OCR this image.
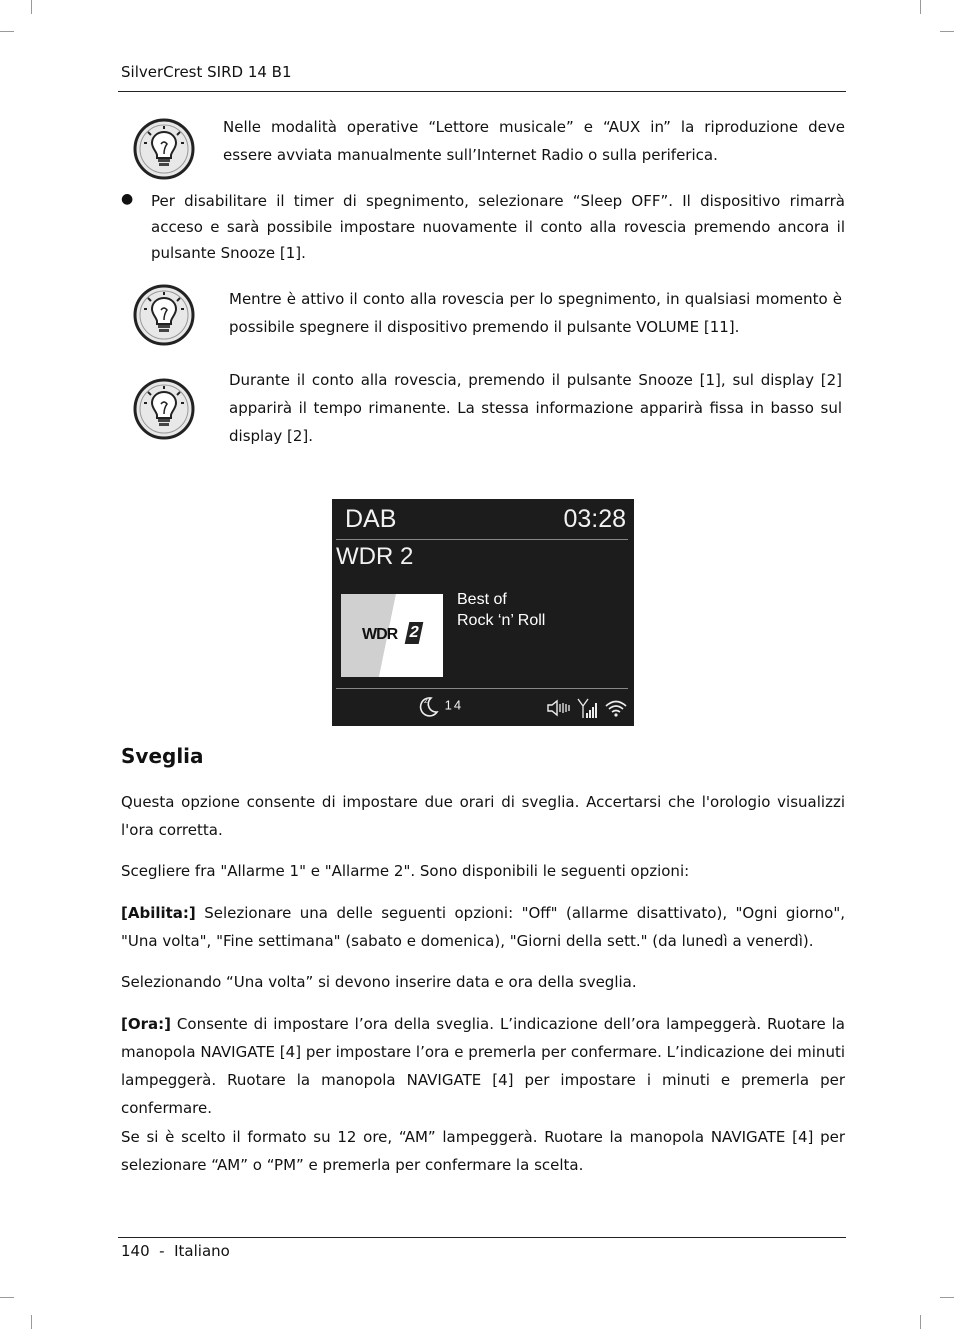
SilverCrest SIRD 14 B1
Nelle modalità operative “Lettore musicale” e “AUX in” la riproduzione deve essere avviata manualmente sull’Internet Radio o sulla periferica.
● Per disabilitare il timer di spegnimento, selezionare “Sleep OFF”. Il dispositivo rimarrà acceso e sarà possibile impostare nuovamente il conto alla rovescia premendo ancora il pulsante Snooze [1].
Mentre è attivo il conto alla rovescia per lo spegnimento, in qualsiasi momento è possibile spegnere il dispositivo premendo il pulsante VOLUME [11].
Durante il conto alla rovescia, premendo il pulsante Snooze [1], sul display [2] apparirà il tempo rimanente. La stessa informazione apparirà fissa in basso sul display [2].
DAB	03:28
WDR 2
WDR 2
Best of
Rock ‘n’ Roll
z 14

Sveglia
Questa opzione consente di impostare due orari di sveglia. Accertarsi che l'orologio visualizzi l'ora corretta.
Scegliere fra "Allarme 1" e "Allarme 2". Sono disponibili le seguenti opzioni:
[Abilita:] Selezionare una delle seguenti opzioni: "Off" (allarme disattivato), "Ogni giorno", "Una volta", "Fine settimana" (sabato e domenica), "Giorni della sett." (da lunedì a venerdì).
Selezionando “Una volta” si devono inserire data e ora della sveglia.
[Ora:] Consente di impostare l’ora della sveglia. L’indicazione dell’ora lampeggerà. Ruotare la manopola NAVIGATE [4] per impostare l’ora e premerla per confermare. L’indicazione dei minuti lampeggerà. Ruotare la manopola NAVIGATE [4] per impostare i minuti e premerla per confermare.
Se si è scelto il formato su 12 ore, “AM” lampeggerà. Ruotare la manopola NAVIGATE [4] per selezionare “AM” o “PM” e premerla per confermare la scelta.
140  -  Italiano
